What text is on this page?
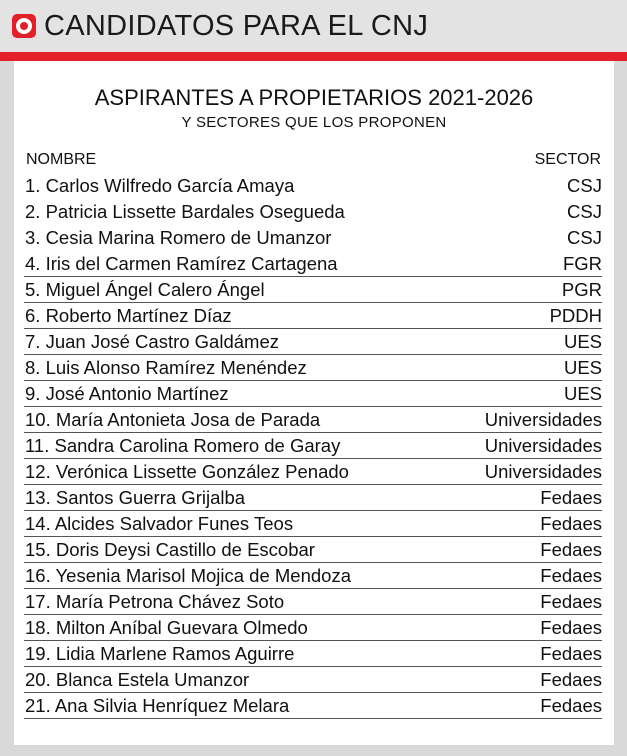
CANDIDATOS PARA EL CNJ
ASPIRANTES A PROPIETARIOS 2021-2026
Y SECTORES QUE LOS PROPONEN
NOMBRE	SECTOR
1. Carlos Wilfredo García Amaya	CSJ
2. Patricia Lissette Bardales Osegueda	CSJ
3. Cesia Marina Romero de Umanzor	CSJ
4. Iris del Carmen Ramírez Cartagena	FGR
5. Miguel Ángel Calero Ángel	PGR
6. Roberto Martínez Díaz	PDDH
7. Juan José Castro Galdámez	UES
8. Luis Alonso Ramírez Menéndez	UES
9. José Antonio Martínez	UES
10. María Antonieta Josa de Parada	Universidades
11. Sandra Carolina Romero de Garay	Universidades
12. Verónica Lissette González Penado	Universidades
13. Santos Guerra Grijalba	Fedaes
14. Alcides Salvador Funes Teos	Fedaes
15. Doris Deysi Castillo de Escobar	Fedaes
16. Yesenia Marisol Mojica de Mendoza	Fedaes
17. María Petrona Chávez Soto	Fedaes
18. Milton Aníbal Guevara Olmedo	Fedaes
19. Lidia Marlene Ramos Aguirre	Fedaes
20. Blanca Estela Umanzor	Fedaes
21. Ana Silvia Henríquez Melara	Fedaes
